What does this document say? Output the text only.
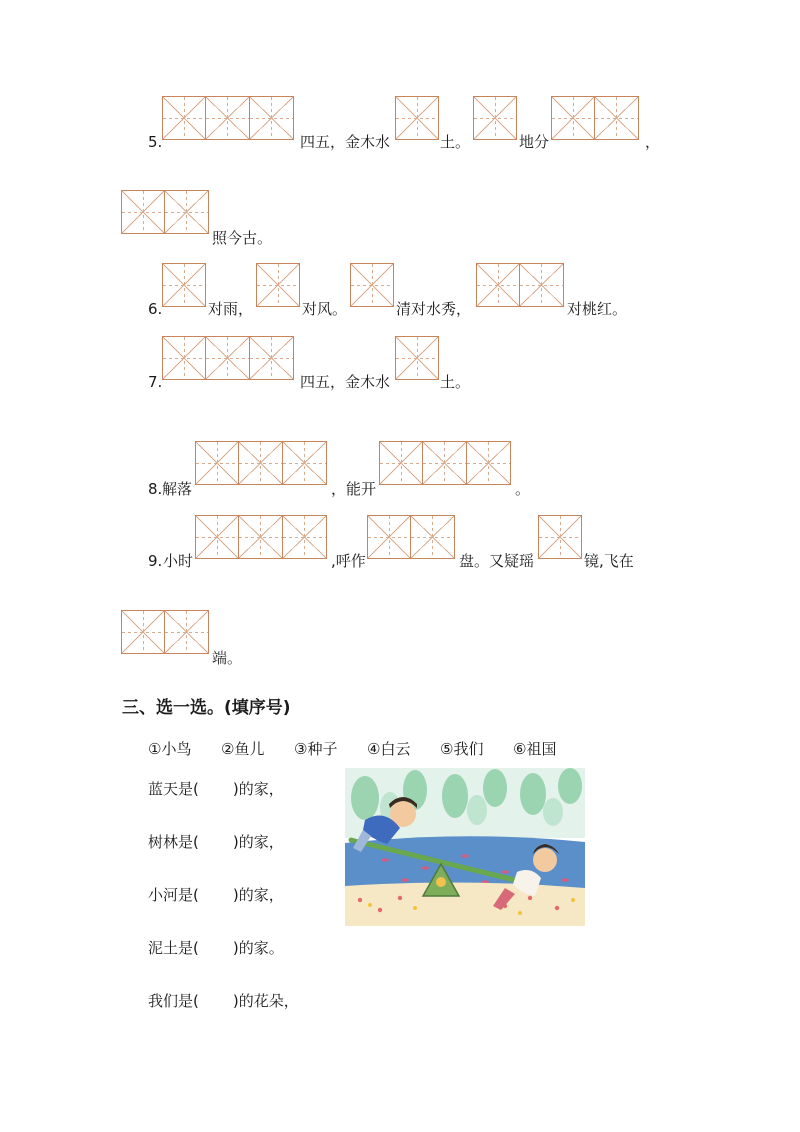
5.	四五，金木水	土。	地分	，
照今古。
6.	对雨，	对风。	清对水秀，	对桃红。
7.	四五，金木水	土。
8. 解落	，能开	。
9. 小时	,呼作	盘。又疑瑶	镜,飞在
端。
三、选一选。(填序号)
①小鸟 ②鱼儿 ③种子 ④白云 ⑤我们 ⑥祖国
蓝天是( )的家，
树林是( )的家，
小河是( )的家，
泥土是( )的家。
我们是( )的花朵，
